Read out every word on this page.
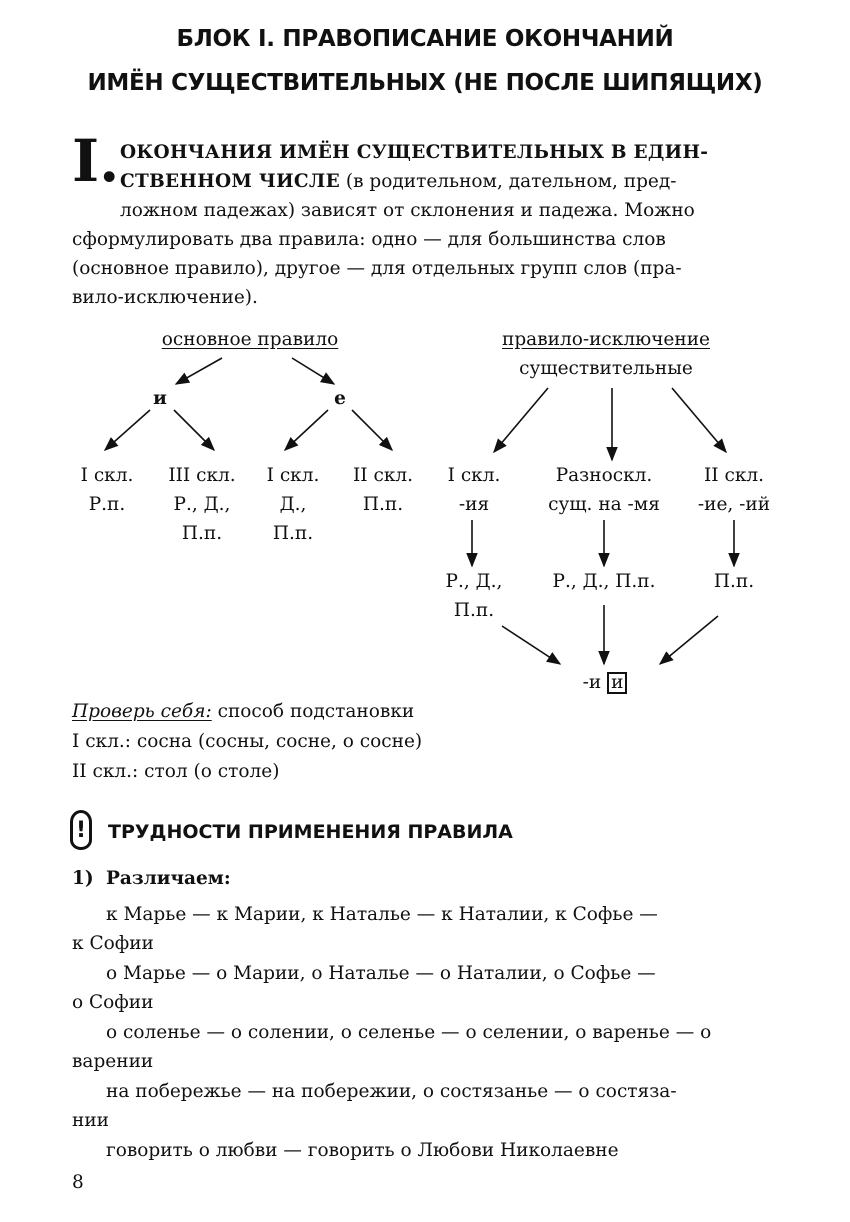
БЛОК I. ПРАВОПИСАНИЕ ОКОНЧАНИЙ
ИМЁН СУЩЕСТВИТЕЛЬНЫХ (НЕ ПОСЛЕ ШИПЯЩИХ)
I. ОКОНЧАНИЯ ИМЁН СУЩЕСТВИТЕЛЬНЫХ В ЕДИН-
СТВЕННОМ ЧИСЛЕ (в родительном, дательном, пред-
ложном падежах) зависят от склонения и падежа. Можно
сформулировать два правила: одно — для большинства слов
(основное правило), другое — для отдельных групп слов (пра-
вило-исключение).
основное правило
и	е
I скл.
Р.п.
III скл.
Р., Д.,
П.п.
I скл.
Д.,
П.п.
II скл.
П.п.
правило-исключение
существительные
I скл.
-ия
Разноскл.
сущ. на -мя
II скл.
-ие, -ий
Р., Д.,
П.п.
Р., Д., П.п.	П.п.
-и и
Проверь себя: способ подстановки
I скл.: сосна (сосны, сосне, о сосне)
II скл.: стол (о столе)
! ТРУДНОСТИ ПРИМЕНЕНИЯ ПРАВИЛА
1) Различаем:
к Марье — к Марии, к Наталье — к Наталии, к Софье —
к Софии
о Марье — о Марии, о Наталье — о Наталии, о Софье —
о Софии
о соленье — о солении, о селенье — о селении, о варенье — о
варении
на побережье — на побережии, о состязанье — о состяза-
нии
говорить о любви — говорить о Любови Николаевне
8
